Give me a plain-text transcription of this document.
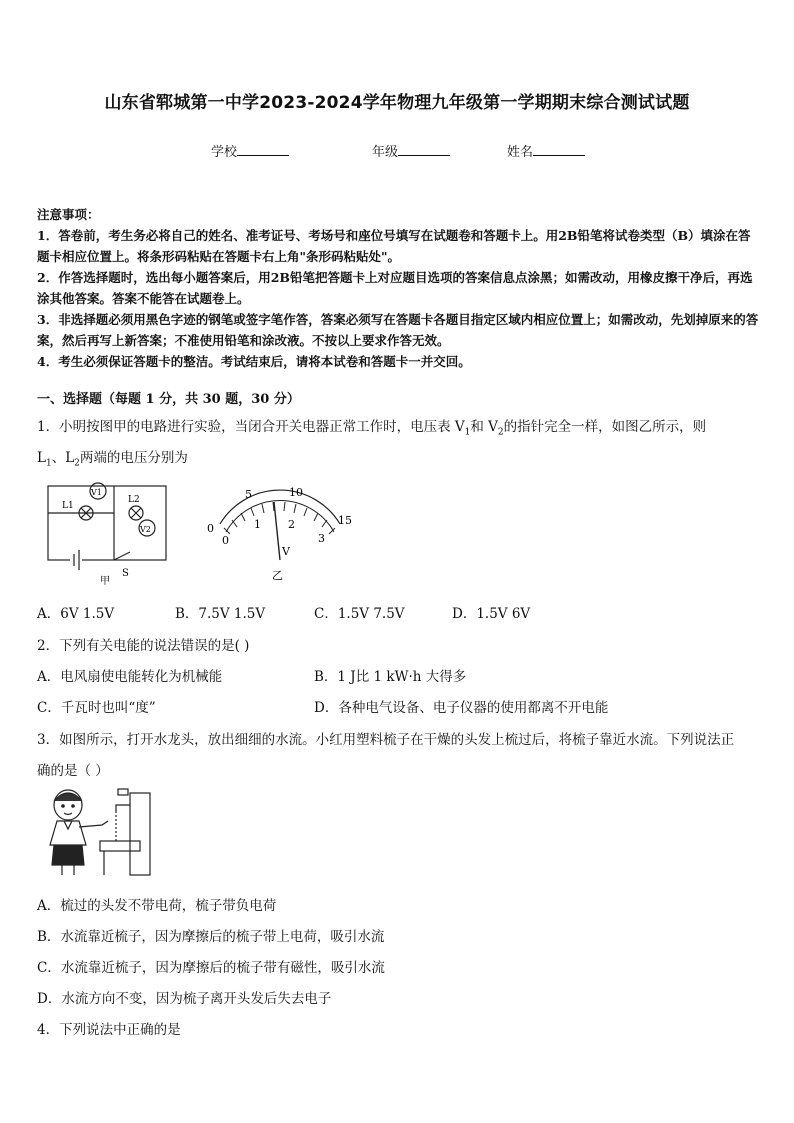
山东省郓城第一中学2023-2024学年物理九年级第一学期期末综合测试试题
学校	年级	姓名
注意事项：
1．答卷前，考生务必将自己的姓名、准考证号、考场号和座位号填写在试题卷和答题卡上。用2B铅笔将试卷类型（B）填涂在答题卡相应位置上。将条形码粘贴在答题卡右上角"条形码粘贴处"。
2．作答选择题时，选出每小题答案后，用2B铅笔把答题卡上对应题目选项的答案信息点涂黑；如需改动，用橡皮擦干净后，再选涂其他答案。答案不能答在试题卷上。
3．非选择题必须用黑色字迹的钢笔或签字笔作答，答案必须写在答题卡各题目指定区域内相应位置上；如需改动，先划掉原来的答案，然后再写上新答案；不准使用铅笔和涂改液。不按以上要求作答无效。
4．考生必须保证答题卡的整洁。考试结束后，请将本试卷和答题卡一并交回。
一、选择题（每题 1 分，共 30 题，30 分）
1．小明按图甲的电路进行实验，当闭合开关电器正常工作时，电压表 $V_1$和 $V_2$的指针完全一样，如图乙所示，则
$L_1$、$L_2$两端的电压分别为
V1
V2
L1
L2
S
甲
0
5	10
15
0
1 2
3
V
乙
A．6V 1.5V	B．7.5V 1.5V	C．1.5V 7.5V	D．1.5V 6V
2．下列有关电能的说法错误的是( )
A．电风扇使电能转化为机械能	B．1 J比 1 kW·h 大得多
C．千瓦时也叫“度”	D．各种电气设备、电子仪器的使用都离不开电能
3．如图所示，打开水龙头，放出细细的水流。小红用塑料梳子在干燥的头发上梳过后，将梳子靠近水流。下列说法正
确的是（ ）
A．梳过的头发不带电荷，梳子带负电荷
B．水流靠近梳子，因为摩擦后的梳子带上电荷，吸引水流
C．水流靠近梳子，因为摩擦后的梳子带有磁性，吸引水流
D．水流方向不变，因为梳子离开头发后失去电子
4．下列说法中正确的是
